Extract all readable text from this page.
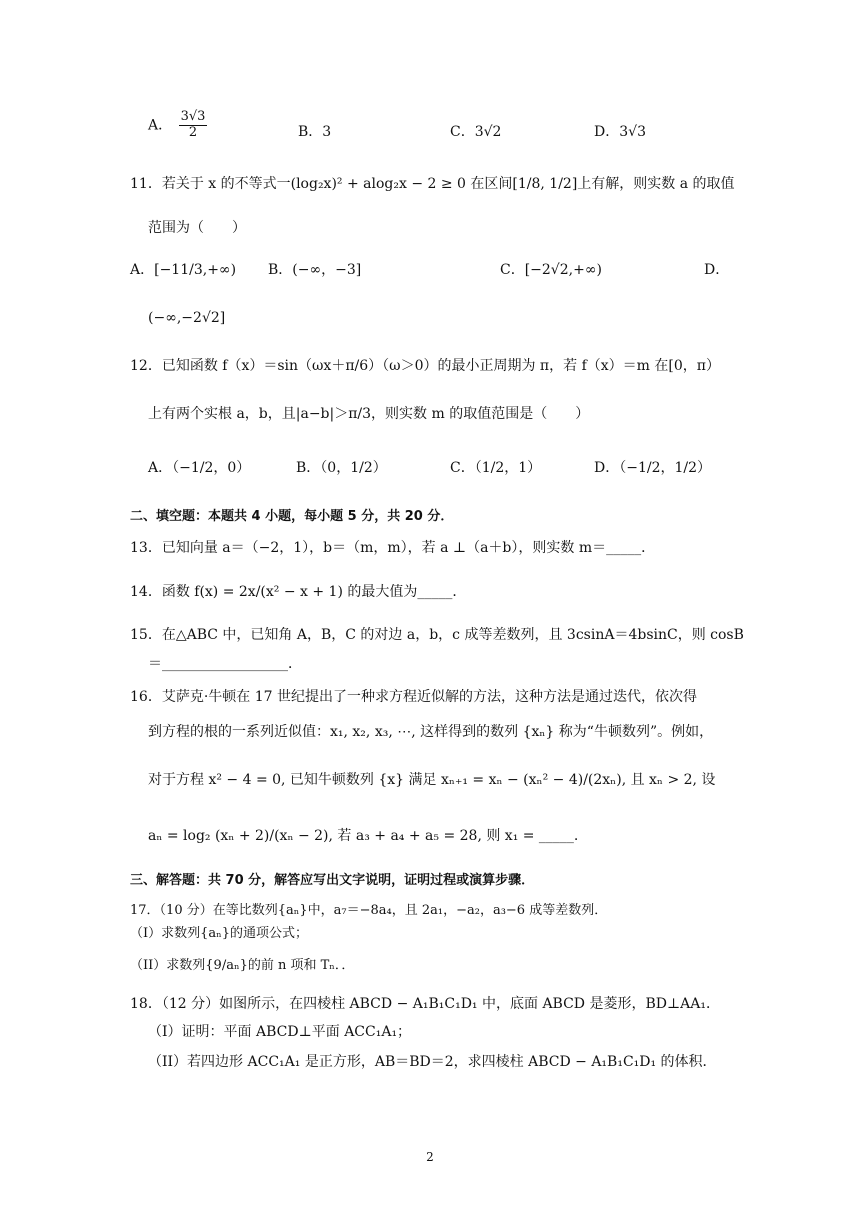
A． $\frac{3√3}{2}$	B．3	C．3√2	D．3√3
11．若关于 x 的不等式一(log₂x)² + alog₂x − 2 ≥ 0 在区间[1/8, 1/2]上有解，则实数 a 的取值
范围为（　　）
A．[−11/3,+∞) B．(−∞，−3]	C．[−2√2,+∞)	D．
(−∞,−2√2]
12．已知函数 f（x）＝sin（ωx＋π/6）（ω＞0）的最小正周期为 π，若 f（x）＝m 在[0，π）
上有两个实根 a，b，且|a−b|＞π/3，则实数 m 的取值范围是（　　）
A．（−1/2，0）	B．（0，1/2）	C．（1/2，1）	D．（−1/2，1/2）
二、填空题：本题共 4 小题，每小题 5 分，共 20 分．
13．已知向量 a＝（−2，1），b＝（m，m），若 a ⊥（a＋b），则实数 m＝_____．
14．函数 f(x) = 2x/(x² − x + 1) 的最大值为_____．
15．在△ABC 中，已知角 A，B，C 的对边 a，b，c 成等差数列，且 3csinA＝4bsinC，则 cosB
＝__________________．
16．艾萨克·牛顿在 17 世纪提出了一种求方程近似解的方法，这种方法是通过迭代，依次得
到方程的根的一系列近似值：x₁, x₂, x₃, ⋯, 这样得到的数列 {xₙ} 称为“牛顿数列”。例如，
对于方程 x² − 4 = 0, 已知牛顿数列 {x} 满足 xₙ₊₁ = xₙ − (xₙ² − 4)/(2xₙ), 且 xₙ > 2, 设
aₙ = log₂ (xₙ + 2)/(xₙ − 2), 若 a₃ + a₄ + a₅ = 28, 则 x₁ = _____.
三、解答题：共 70 分，解答应写出文字说明，证明过程或演算步骤．
17．（10 分）在等比数列{aₙ}中，a₇＝−8a₄，且 2a₁，−a₂，a₃−6 成等差数列．
（I）求数列{aₙ}的通项公式；
（II）求数列{9/aₙ}的前 n 项和 Tₙ．．
18．（12 分）如图所示，在四棱柱 ABCD − A₁B₁C₁D₁ 中，底面 ABCD 是菱形，BD⊥AA₁．
（I）证明：平面 ABCD⊥平面 ACC₁A₁；
（II）若四边形 ACC₁A₁ 是正方形，AB＝BD＝2，求四棱柱 ABCD − A₁B₁C₁D₁ 的体积．
2
